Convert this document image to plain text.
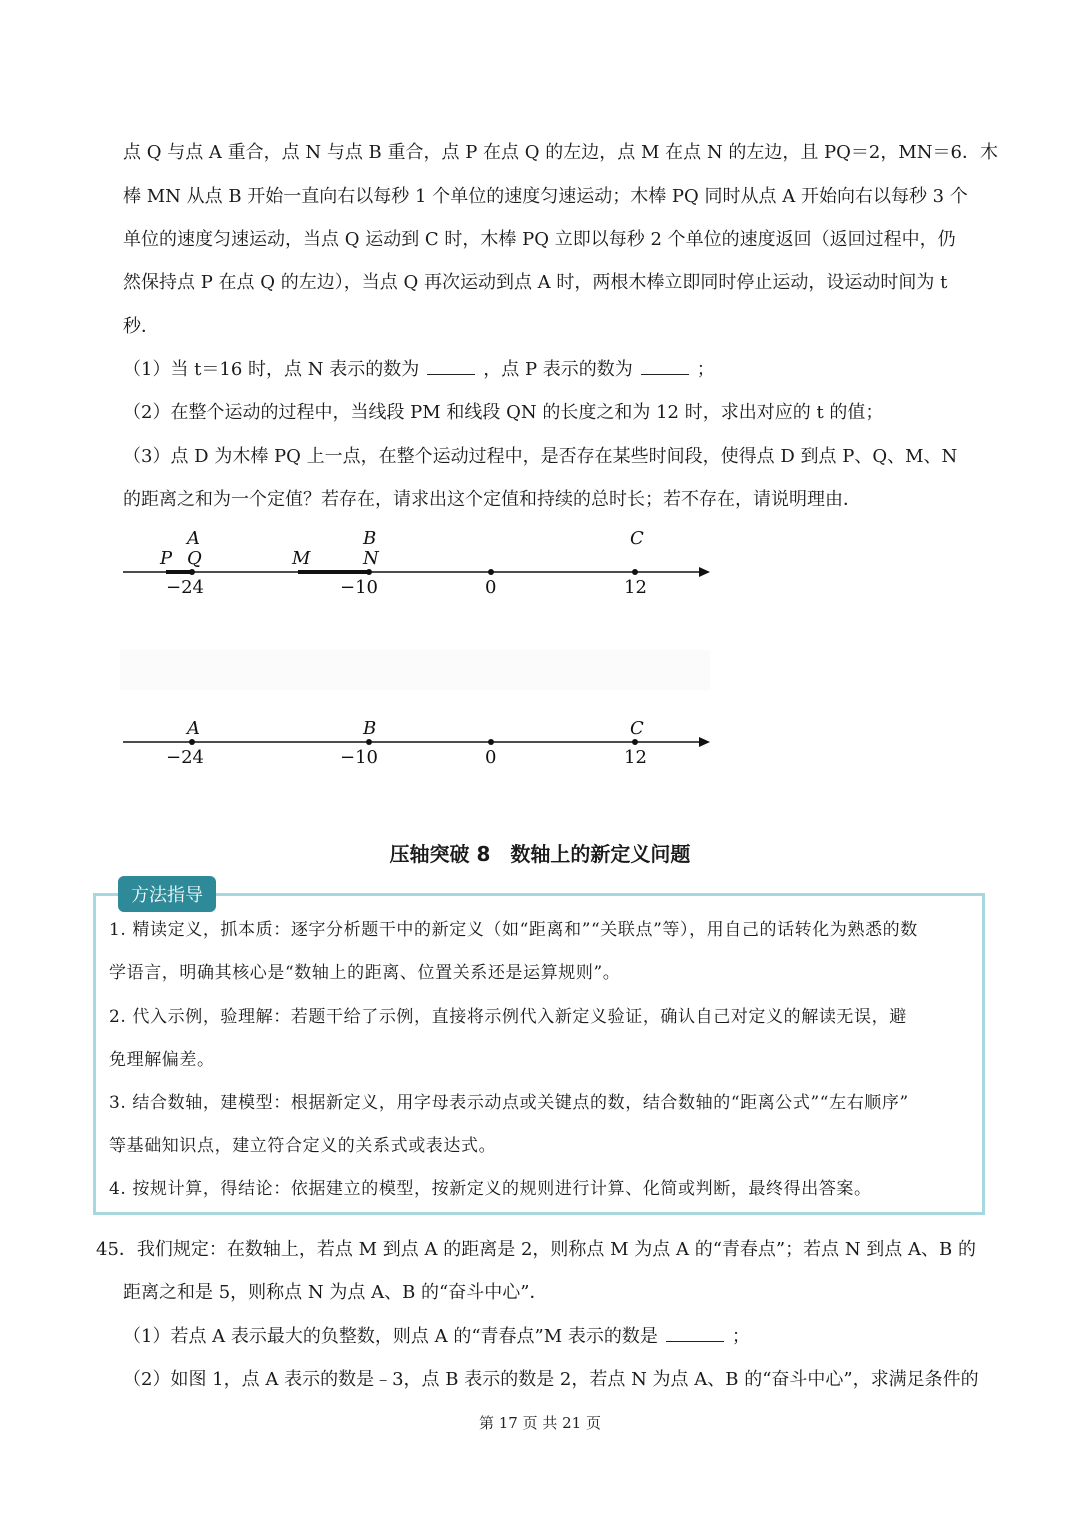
点 Q 与点 A 重合，点 N 与点 B 重合，点 P 在点 Q 的左边，点 M 在点 N 的左边，且 PQ＝2，MN＝6．木
棒 MN 从点 B 开始一直向右以每秒 1 个单位的速度匀速运动；木棒 PQ 同时从点 A 开始向右以每秒 3 个
单位的速度匀速运动，当点 Q 运动到 C 时，木棒 PQ 立即以每秒 2 个单位的速度返回（返回过程中，仍
然保持点 P 在点 Q 的左边），当点 Q 再次运动到点 A 时，两根木棒立即同时停止运动，设运动时间为 t
秒．
（1）当 t＝16 时，点 N 表示的数为	，点 P 表示的数为	；
（2）在整个运动的过程中，当线段 PM 和线段 QN 的长度之和为 12 时，求出对应的 t 的值；
（3）点 D 为木棒 PQ 上一点，在整个运动过程中，是否存在某些时间段，使得点 D 到点 P、Q、M、N
的距离之和为一个定值？若存在，请求出这个定值和持续的总时长；若不存在，请说明理由．
A
Q
P	M
B
N
C
−24	−10	0	12
A	B	C
−24	−10	0	12
压轴突破 8　数轴上的新定义问题
方法指导
1. 精读定义，抓本质：逐字分析题干中的新定义（如“距离和”“关联点”等），用自己的话转化为熟悉的数
学语言，明确其核心是“数轴上的距离、位置关系还是运算规则”。
2. 代入示例，验理解：若题干给了示例，直接将示例代入新定义验证，确认自己对定义的解读无误，避
免理解偏差。
3. 结合数轴，建模型：根据新定义，用字母表示动点或关键点的数，结合数轴的“距离公式”“左右顺序”
等基础知识点，建立符合定义的关系式或表达式。
4. 按规计算，得结论：依据建立的模型，按新定义的规则进行计算、化简或判断，最终得出答案。
45．我们规定：在数轴上，若点 M 到点 A 的距离是 2，则称点 M 为点 A 的“青春点”；若点 N 到点 A、B 的
距离之和是 5，则称点 N 为点 A、B 的“奋斗中心”．
（1）若点 A 表示最大的负整数，则点 A 的“青春点”M 表示的数是	；
（2）如图 1，点 A 表示的数是﹣3，点 B 表示的数是 2，若点 N 为点 A、B 的“奋斗中心”，求满足条件的
第 17 页 共 21 页
